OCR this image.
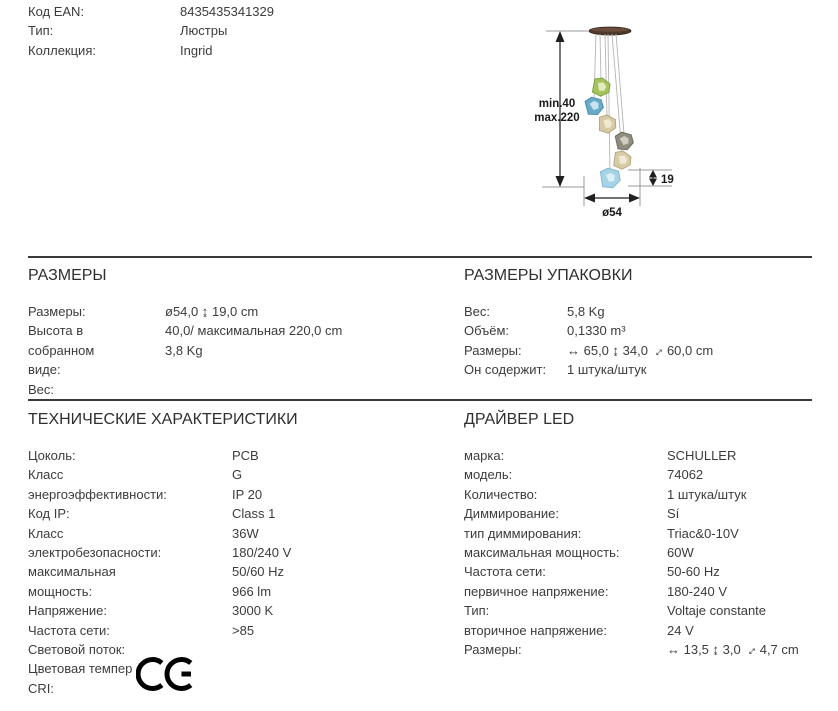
Код EAN:
Тип:
Коллекция:
8435435341329
Люстры
Ingrid
min.40
max.220
ø54
19
РАЗМЕРЫ
Размеры:
Высота в
собранном
виде:
Вес:
ø54,0 ↨ 19,0 cm
40,0/ максимальная 220,0 cm
3,8 Kg
РАЗМЕРЫ УПАКОВКИ
Вес:
Объём:
Размеры:
Он содержит:
5,8 Kg
0,1330 m³
↔ 65,0 ↨ 34,0↔60,0 cm
1 штука/штук
ТЕХНИЧЕСКИЕ ХАРАКТЕРИСТИКИ
Цоколь:
Класс
энергоэффективности:
Код IP:
Класс
электробезопасности:
максимальная
мощность:
Напряжение:
Частота сети:
Световой поток:
Цветовая темпер
CRI:
PCB
G
IP 20
Class 1
36W
180/240 V
50/60 Hz
966 lm
3000 K
>85
ДРАЙВЕР LED
марка:
модель:
Количество:
Диммирование:
тип диммирования:
максимальная мощность:
Частота сети:
первичное напряжение:
Тип:
вторичное напряжение:
Размеры:
SCHULLER
74062
1 штука/штук
Sí
Triac&0-10V
60W
50-60 Hz
180-240 V
Voltaje constante
24 V
↔ 13,5 ↨ 3,0↔4,7 cm
